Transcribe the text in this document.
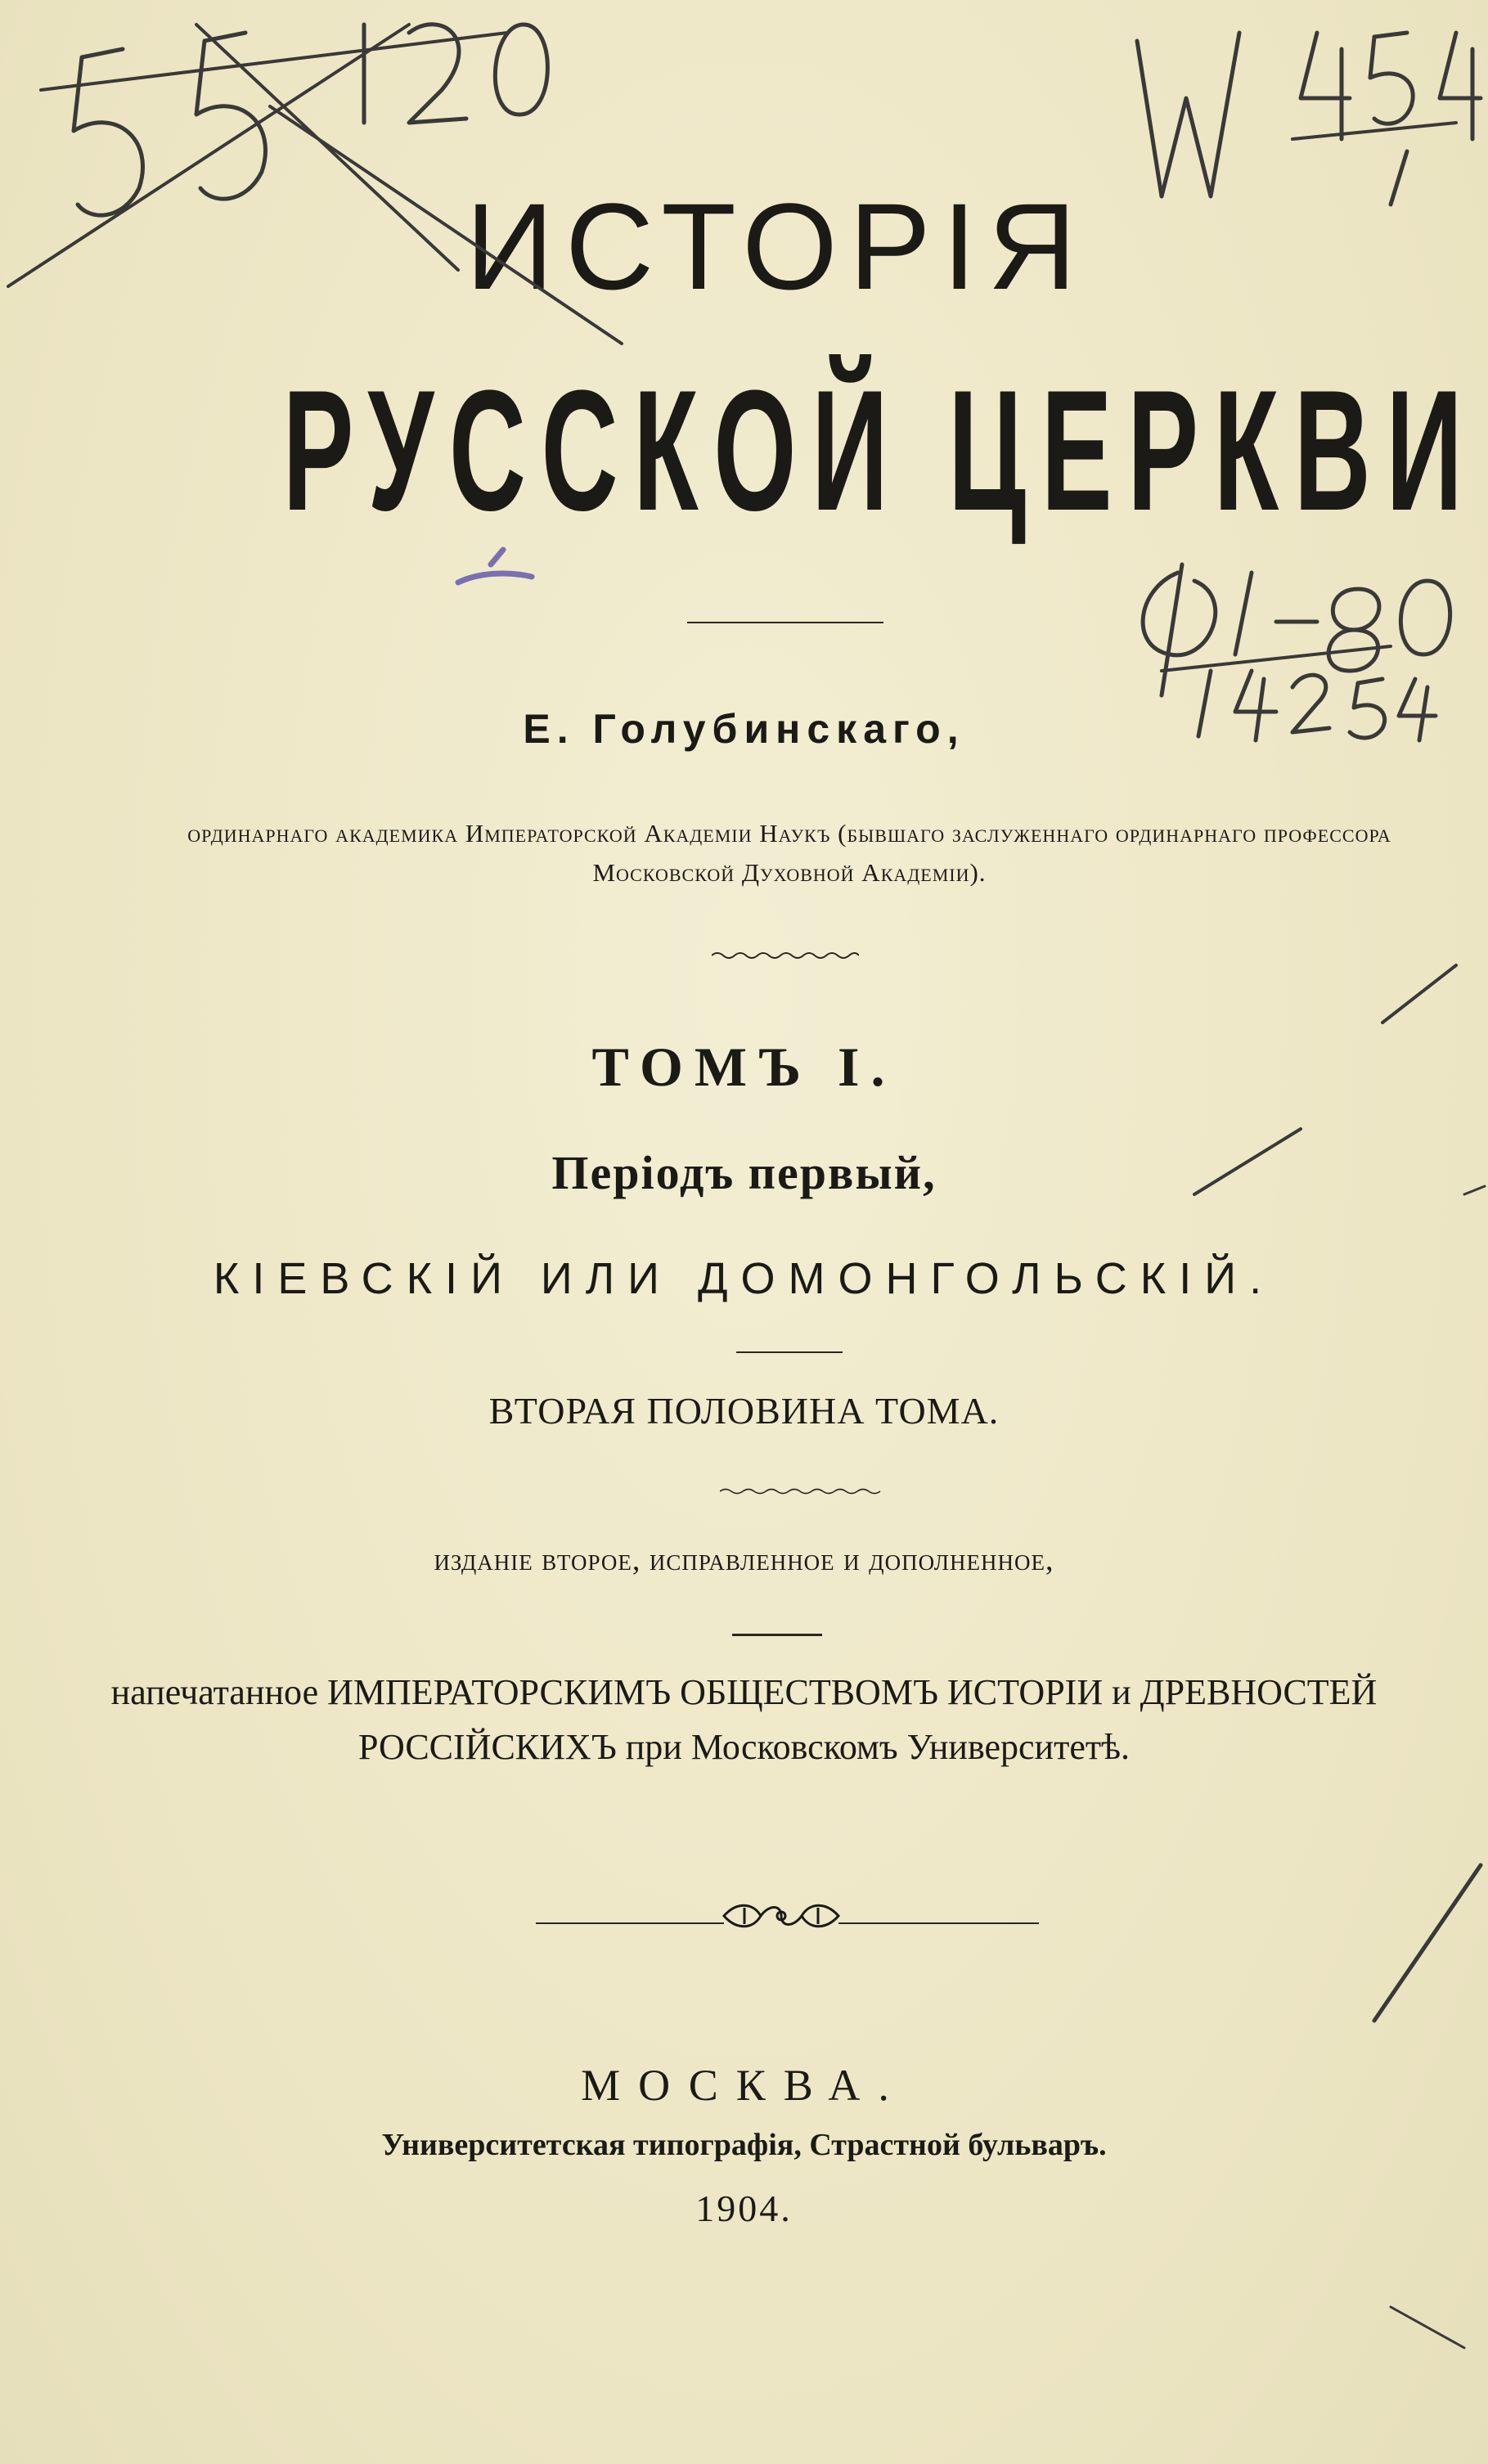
ИСТОРІЯ

РУССКОЙ ЦЕРКВИ

Е. Голубинскаго,

ординарнаго академика Императорской Академіи Наукъ (бывшаго заслуженнаго ординарнаго профессора Московской Духовной Академіи).

ТОМЪ I.

Періодъ первый,

КІЕВСКІЙ ИЛИ ДОМОНГОЛЬСКІЙ.

ВТОРАЯ ПОЛОВИНА ТОМА.

изданіе второе, исправленное и дополненное,

напечатанное ИМПЕРАТОРСКИМЪ ОБЩЕСТВОМЪ ИСТОРІИ и ДРЕВНОСТЕЙ

РОССІЙСКИХЪ при Московскомъ Университетѣ.

МОСКВА.

Университетская типографія, Страстной бульваръ.

1904.
